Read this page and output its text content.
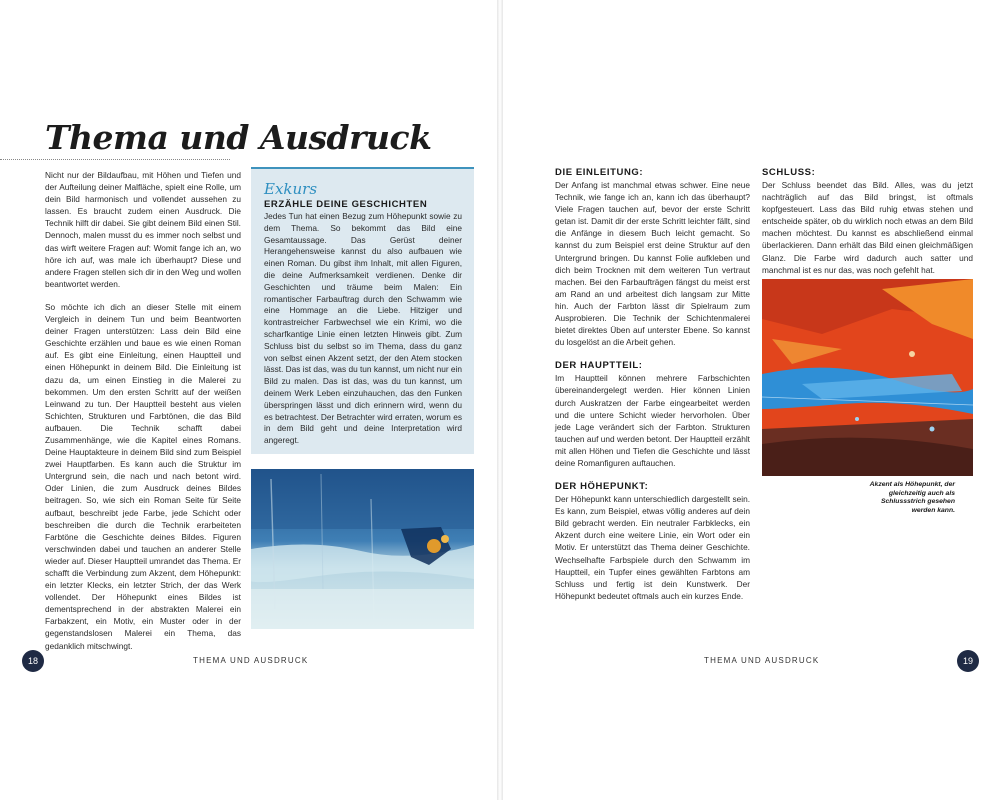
Thema und Ausdruck

Nicht nur der Bildaufbau, mit Höhen und Tiefen und der Aufteilung deiner Malfläche, spielt eine Rolle, um dein Bild harmonisch und vollendet aussehen zu lassen. Es braucht zudem einen Ausdruck. Die Technik hilft dir dabei. Sie gibt deinem Bild einen Stil. Dennoch, malen musst du es immer noch selbst und das wirft weitere Fragen auf: Womit fange ich an, wo höre ich auf, was male ich überhaupt? Diese und andere Fragen stellen sich dir in den Weg und wollen beantwortet werden.

So möchte ich dich an dieser Stelle mit einem Vergleich in deinem Tun und beim Beantworten deiner Fragen unterstützen: Lass dein Bild eine Geschichte erzählen und baue es wie einen Roman auf. Es gibt eine Einleitung, einen Hauptteil und einen Höhepunkt in deinem Bild. Die Einleitung ist dazu da, um einen Einstieg in die Malerei zu bekommen. Um den ersten Schritt auf der weißen Leinwand zu tun. Der Hauptteil besteht aus vielen Schichten, Strukturen und Farbtönen, die das Bild aufbauen. Die Technik schafft dabei Zusammenhänge, wie die Kapitel eines Romans. Deine Hauptakteure in deinem Bild sind zum Beispiel zwei Hauptfarben. Es kann auch die Struktur im Untergrund sein, die nach und nach betont wird. Oder Linien, die zum Ausdruck deines Bildes beitragen. So, wie sich ein Roman Seite für Seite aufbaut, beschreibt jede Farbe, jede Schicht oder beschreiben die durch die Technik erarbeiteten Farbtöne die Geschichte deines Bildes. Figuren verschwinden dabei und tauchen an anderer Stelle wieder auf. Dieser Hauptteil umrandet das Thema. Er schafft die Verbindung zum Akzent, dem Höhepunkt: ein letzter Klecks, ein letzter Strich, der das Werk vollendet. Der Höhepunkt eines Bildes ist dementsprechend in der abstrakten Malerei ein Farbakzent, ein Motiv, ein Muster oder in der gegenstandslosen Malerei ein Thema, das gedanklich mitschwingt.

Exkurs

ERZÄHLE DEINE GESCHICHTEN

Jedes Tun hat einen Bezug zum Höhepunkt sowie zu dem Thema. So bekommt das Bild eine Gesamtaussage. Das Gerüst deiner Herangehensweise kannst du also aufbauen wie einen Roman. Du gibst ihm Inhalt, mit allen Figuren, die deine Aufmerksamkeit verdienen. Denke dir Geschichten und träume beim Malen: Ein romantischer Farbauftrag durch den Schwamm wie eine Hommage an die Liebe. Hitziger und kontrastreicher Farbwechsel wie ein Krimi, wo die scharfkantige Linie einen letzten Hinweis gibt. Zum Schluss bist du selbst so im Thema, dass du ganz von selbst einen Akzent setzt, der den Atem stocken lässt. Das ist das, was du tun kannst, um nicht nur ein Bild zu malen. Das ist das, was du tun kannst, um deinem Werk Leben einzuhauchen, das den Funken überspringen lässt und dich erinnern wird, wenn du es betrachtest. Der Betrachter wird erraten, worum es in dem Bild geht und deine Interpretation wird angeregt.

18	THEMA UND AUSDRUCK

DIE EINLEITUNG:

Der Anfang ist manchmal etwas schwer. Eine neue Technik, wie fange ich an, kann ich das überhaupt? Viele Fragen tauchen auf, bevor der erste Schritt getan ist. Damit dir der erste Schritt leichter fällt, sind die Anfänge in diesem Buch leicht gemacht. So kannst du zum Beispiel erst deine Struktur auf den Untergrund bringen. Du kannst Folie aufkleben und dich beim Trocknen mit dem weiteren Tun vertraut machen. Bei den Farbaufträgen fängst du meist erst am Rand an und arbeitest dich langsam zur Mitte hin. Auch der Farbton lässt dir Spielraum zum Ausprobieren. Die Technik der Schichtenmalerei bietet direktes Üben auf unterster Ebene. So kannst du losgelöst an die Arbeit gehen.

DER HAUPTTEIL:

Im Hauptteil können mehrere Farbschichten übereinandergelegt werden. Hier können Linien durch Auskratzen der Farbe eingearbeitet werden und die untere Schicht wieder hervorholen. Über jede Lage verändert sich der Farbton. Strukturen tauchen auf und werden betont. Der Hauptteil erzählt mit allen Höhen und Tiefen die Geschichte und lässt deine Romanfiguren auftauchen.

DER HÖHEPUNKT:

Der Höhepunkt kann unterschiedlich dargestellt sein. Es kann, zum Beispiel, etwas völlig anderes auf dein Bild gebracht werden. Ein neutraler Farbklecks, ein Akzent durch eine weitere Linie, ein Wort oder ein Motiv. Er unterstützt das Thema deiner Geschichte. Wechselhafte Farbspiele durch den Schwamm im Hauptteil, ein Tupfer eines gewählten Farbtons am Schluss und fertig ist dein Kunstwerk. Der Höhepunkt bedeutet oftmals auch ein kurzes Ende.

SCHLUSS:

Der Schluss beendet das Bild. Alles, was du jetzt nachträglich auf das Bild bringst, ist oftmals kopfgesteuert. Lass das Bild ruhig etwas stehen und entscheide später, ob du wirklich noch etwas an dem Bild machen möchtest. Du kannst es abschließend einmal überlackieren. Dann erhält das Bild einen gleichmäßigen Glanz. Die Farbe wird dadurch auch satter und manchmal ist es nur das, was noch gefehlt hat.

Akzent als Höhepunkt, der gleichzeitig auch als Schlussstrich gesehen werden kann.

THEMA UND AUSDRUCK	19
